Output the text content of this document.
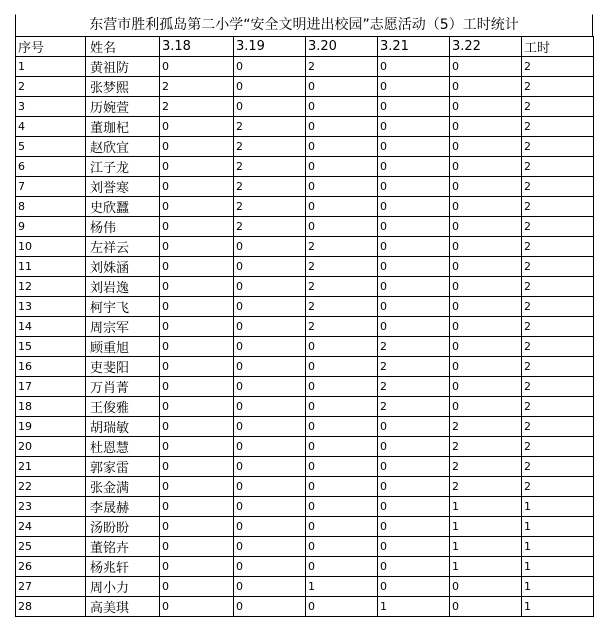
东营市胜利孤岛第二小学“安全文明进出校园”志愿活动（5）工时统计
序号	姓名	3.18	3.19	3.20	3.21	3.22	工时
1	黄祖防	0	0	2	0	0	2
2	张梦熙	2	0	0	0	0	2
3	历婉萱	2	0	0	0	0	2
4	董珈杞	0	2	0	0	0	2
5	赵欣宜	0	2	0	0	0	2
6	江子龙	0	2	0	0	0	2
7	刘誉寒	0	2	0	0	0	2
8	史欣蠶	0	2	0	0	0	2
9	杨伟	0	2	0	0	0	2
10	左祥云	0	0	2	0	0	2
11	刘姝涵	0	0	2	0	0	2
12	刘岩逸	0	0	2	0	0	2
13	柯宇飞	0	0	2	0	0	2
14	周宗军	0	0	2	0	0	2
15	顾重旭	0	0	0	2	0	2
16	吏斐阳	0	0	0	2	0	2
17	万肖菁	0	0	0	2	0	2
18	王俊雅	0	0	0	2	0	2
19	胡瑞敏	0	0	0	0	2	2
20	杜恩慧	0	0	0	0	2	2
21	郭家雷	0	0	0	0	2	2
22	张金满	0	0	0	0	2	2
23	李晟赫	0	0	0	0	1	1
24	汤盼盼	0	0	0	0	1	1
25	董铭卉	0	0	0	0	1	1
26	杨兆轩	0	0	0	0	1	1
27	周小力	0	0	1	0	0	1
28	高美琪	0	0	0	1	0	1
